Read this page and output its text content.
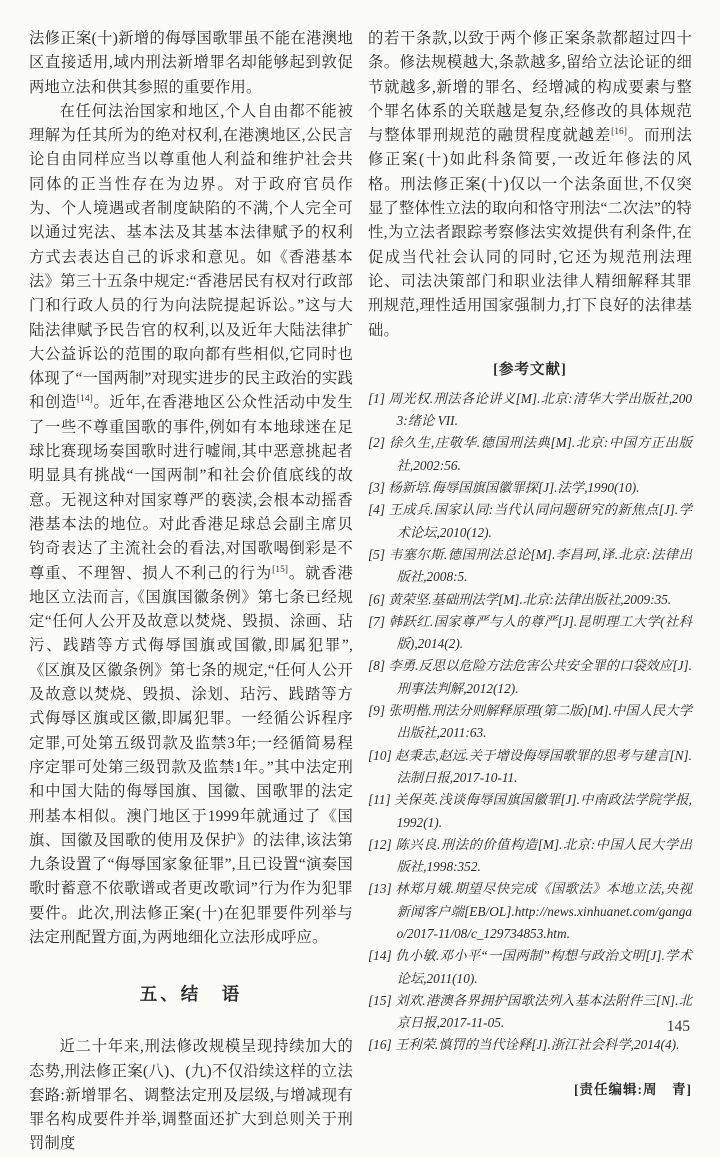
法修正案(十)新增的侮辱国歌罪虽不能在港澳地区直接适用,域内刑法新增罪名却能够起到敦促两地立法和供其参照的重要作用。

在任何法治国家和地区,个人自由都不能被理解为任其所为的绝对权利,在港澳地区,公民言论自由同样应当以尊重他人利益和维护社会共同体的正当性存在为边界。对于政府官员作为、个人境遇或者制度缺陷的不满,个人完全可以通过宪法、基本法及其基本法律赋予的权利方式去表达自己的诉求和意见。如《香港基本法》第三十五条中规定:“香港居民有权对行政部门和行政人员的行为向法院提起诉讼。”这与大陆法律赋予民告官的权利,以及近年大陆法律扩大公益诉讼的范围的取向都有些相似,它同时也体现了“一国两制”对现实进步的民主政治的实践和创造[14]。近年,在香港地区公众性活动中发生了一些不尊重国歌的事件,例如有本地球迷在足球比赛现场奏国歌时进行嘘闹,其中恶意挑起者明显具有挑战“一国两制”和社会价值底线的故意。无视这种对国家尊严的亵渎,会根本动摇香港基本法的地位。对此香港足球总会副主席贝钧奇表达了主流社会的看法,对国歌喝倒彩是不尊重、不理智、损人不利己的行为[15]。就香港地区立法而言,《国旗国徽条例》第七条已经规定“任何人公开及故意以焚烧、毁损、涂画、玷污、践踏等方式侮辱国旗或国徽,即属犯罪”,《区旗及区徽条例》第七条的规定,“任何人公开及故意以焚烧、毁损、涂划、玷污、践踏等方式侮辱区旗或区徽,即属犯罪。一经循公诉程序定罪,可处第五级罚款及监禁3年;一经循简易程序定罪可处第三级罚款及监禁1年。”其中法定刑和中国大陆的侮辱国旗、国徽、国歌罪的法定刑基本相似。澳门地区于1999年就通过了《国旗、国徽及国歌的使用及保护》的法律,该法第九条设置了“侮辱国家象征罪”,且已设置“演奏国歌时蓄意不依歌谱或者更改歌词”行为作为犯罪要件。此次,刑法修正案(十)在犯罪要件列举与法定刑配置方面,为两地细化立法形成呼应。

五、结　语

近二十年来,刑法修改规模呈现持续加大的态势,刑法修正案(八)、(九)不仅沿续这样的立法套路:新增罪名、调整法定刑及层级,与增减现有罪名构成要件并举,调整面还扩大到总则关于刑罚制度

的若干条款,以致于两个修正案条款都超过四十条。修法规模越大,条款越多,留给立法论证的细节就越多,新增的罪名、经增减的构成要素与整个罪名体系的关联越是复杂,经修改的具体规范与整体罪刑规范的融贯程度就越差[16]。而刑法修正案(十)如此科条简要,一改近年修法的风格。刑法修正案(十)仅以一个法条面世,不仅突显了整体性立法的取向和恪守刑法“二次法”的特性,为立法者跟踪考察修法实效提供有利条件,在促成当代社会认同的同时,它还为规范刑法理论、司法决策部门和职业法律人精细解释其罪刑规范,理性适用国家强制力,打下良好的法律基础。

[参考文献]
[1] 周光权.刑法各论讲义[M].北京:清华大学出版社,2003:绪论 VII.
[2] 徐久生,庄敬华.德国刑法典[M].北京:中国方正出版社,2002:56.
[3] 杨新培.侮辱国旗国徽罪探[J].法学,1990(10).
[4] 王成兵.国家认同:当代认同问题研究的新焦点[J].学术论坛,2010(12).
[5] 韦塞尔斯.德国刑法总论[M].李昌珂,译.北京:法律出版社,2008:5.
[6] 黄荣坚.基础刑法学[M].北京:法律出版社,2009:35.
[7] 韩跃红.国家尊严与人的尊严[J].昆明理工大学(社科版),2014(2).
[8] 李勇.反思以危险方法危害公共安全罪的口袋效应[J].刑事法判解,2012(12).
[9] 张明楷.刑法分则解释原理(第二版)[M].中国人民大学出版社,2011:63.
[10] 赵秉志,赵远.关于增设侮辱国歌罪的思考与建言[N].法制日报,2017-10-11.
[11] 关保英.浅谈侮辱国旗国徽罪[J].中南政法学院学报,1992(1).
[12] 陈兴良.刑法的价值构造[M].北京:中国人民大学出版社,1998:352.
[13] 林郑月娥.期望尽快完成《国歌法》本地立法,央视新闻客户端[EB/OL].http://news.xinhuanet.com/gangao/2017-11/08/c_129734853.htm.
[14] 仇小敏.邓小平“一国两制”构想与政治文明[J].学术论坛,2011(10).
[15] 刘欢.港澳各界拥护国歌法列入基本法附件三[N].北京日报,2017-11-05.
[16] 王利荣.慎罚的当代诠释[J].浙江社会科学,2014(4).
[责任编辑:周　青]
145
